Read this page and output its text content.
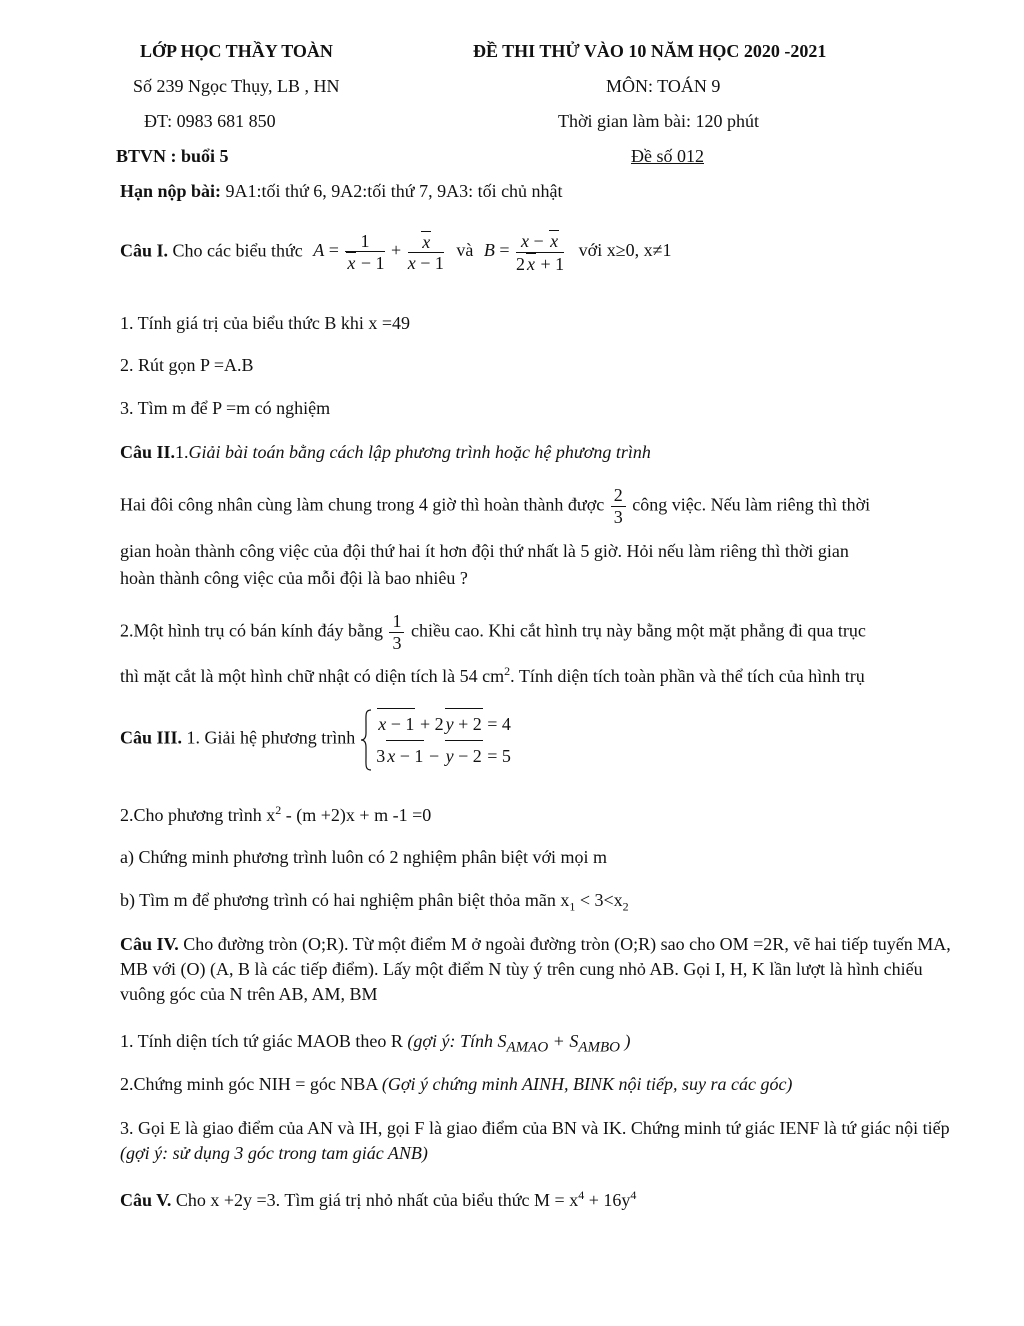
LỚP HỌC THẦY TOÀN
Số 239 Ngọc Thụy, LB , HN
ĐT: 0983 681 850
BTVN : buổi 5
ĐỀ THI THỬ VÀO 10 NĂM HỌC 2020 -2021
MÔN: TOÁN 9
Thời gian làm bài: 120 phút
Đề số 012
Hạn nộp bài: 9A1:tối thứ 6, 9A2:tối thứ 7, 9A3: tối chủ nhật
Câu I. Cho các biểu thức $A = \frac{1}{x - 1} + \frac{x}{x - 1}$ và $B = \frac{x - x}{2 x + 1}$ với x≥0, x≠1
1. Tính giá trị của biểu thức B khi x =49
2. Rút gọn P =A.B
3. Tìm m để P =m có nghiệm
Câu II.1.Giải bài toán bằng cách lập phương trình hoặc hệ phương trình
Hai đôi công nhân cùng làm chung trong 4 giờ thì hoàn thành được $\frac{2}{3}$ công việc. Nếu làm riêng thì thời
gian hoàn thành công việc của đội thứ hai ít hơn đội thứ nhất là 5 giờ. Hỏi nếu làm riêng thì thời gian
hoàn thành công việc của mỗi đội là bao nhiêu ?
2.Một hình trụ có bán kính đáy bằng $\frac{1}{3}$ chiều cao. Khi cắt hình trụ này bằng một mặt phẳng đi qua trục
thì mặt cắt là một hình chữ nhật có diện tích là 54 $cm^2$. Tính diện tích toàn phần và thể tích của hình trụ
Câu III. 1. Giải hệ phương trình
x − 1 + 2 y + 2 = 4
3 x − 1 − y − 2 = 5
2.Cho phương trình $x^2 - (m +2)x + m$ -1 =0
a) Chứng minh phương trình luôn có 2 nghiệm phân biệt với mọi m
b) Tìm m để phương trình có hai nghiệm phân biệt thỏa mãn $x_1 < 3<x_2$
Câu IV. Cho đường tròn (O;R). Từ một điểm M ở ngoài đường tròn (O;R) sao cho OM =2R, vẽ hai tiếp tuyến MA, MB với (O) (A, B là các tiếp điểm). Lấy một điểm N tùy ý trên cung nhỏ AB. Gọi I, H, K lần lượt là hình chiếu vuông góc của N trên AB, AM, BM
1. Tính diện tích tứ giác MAOB theo R (gợi ý: Tính $S_{AMAO} + S_{AMBO}$ )
2.Chứng minh góc NIH = góc NBA (Gợi ý chứng minh AINH, BINK nội tiếp, suy ra các góc)
3. Gọi E là giao điểm của AN và IH, gọi F là giao điểm của BN và IK. Chứng minh tứ giác IENF là tứ giác nội tiếp (gợi ý: sử dụng 3 góc trong tam giác ANB)
Câu V. Cho x +2y =3. Tìm giá trị nhỏ nhất của biểu thức $M = x^4 + 16y^4$
